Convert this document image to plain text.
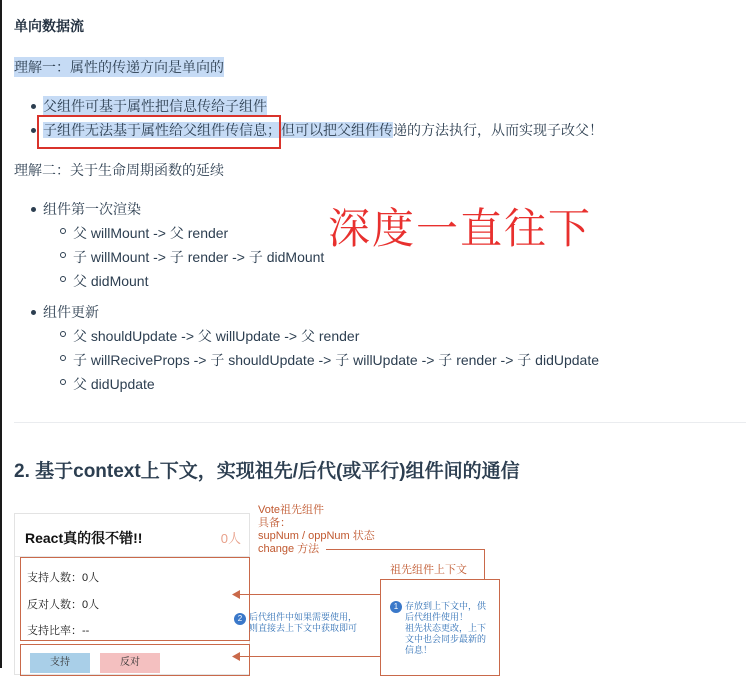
单向数据流
理解一：属性的传递方向是单向的
父组件可基于属性把信息传给子组件
子组件无法基于属性给父组件传信息；但可以把父组件传递的方法执行，从而实现子改父！
理解二：关于生命周期函数的延续
组件第一次渲染
父 willMount -> 父 render
子 willMount -> 子 render -> 子 didMount
父 didMount
深度一直往下
组件更新
父 shouldUpdate -> 父 willUpdate -> 父 render
子 willReciveProps -> 子 shouldUpdate -> 子 willUpdate -> 子 render -> 子 didUpdate
父 didUpdate
2. 基于context上下文，实现祖先/后代(或平行)组件间的通信
React真的很不错!!	0人
支持人数：0人
反对人数：0人
支持比率：--
支持	反对
Vote祖先组件
具备：
supNum / oppNum 状态
change 方法
祖先组件上下文
1 存放到上下文中，供
后代组件使用！
祖先状态更改，上下
文中也会同步最新的
信息！
2 后代组件中如果需要使用，
则直接去上下文中获取即可
